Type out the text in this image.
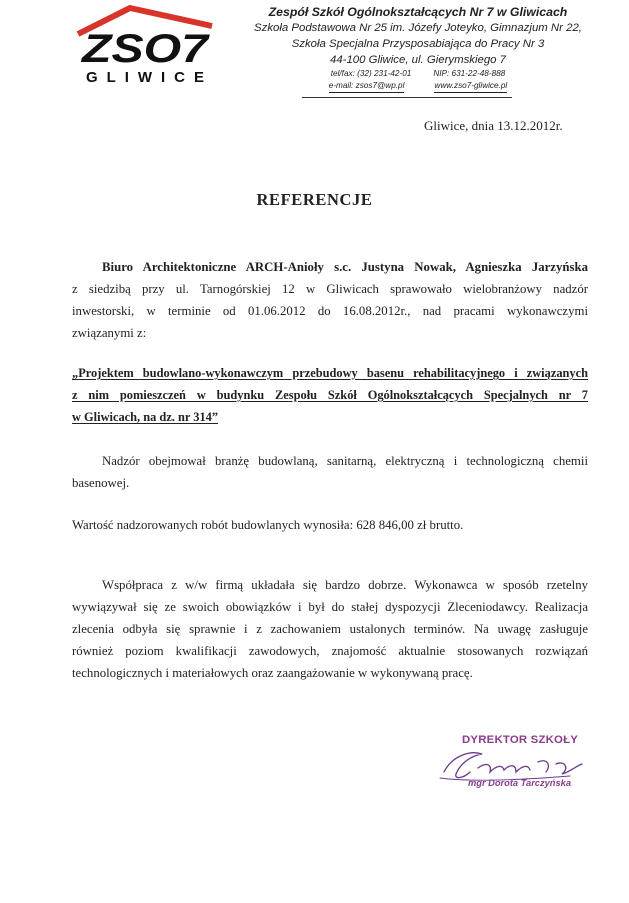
ZSO7
GLIWICE
Zespół Szkół Ogólnokształcących Nr 7 w Gliwicach
Szkoła Podstawowa Nr 25 im. Józefy Joteyko, Gimnazjum Nr 22,
Szkoła Specjalna Przysposabiająca do Pracy Nr 3
44-100 Gliwice, ul. Gierymskiego 7
tel/fax: (32) 231-42-01	NIP: 631-22-48-888
e-mail: zsos7@wp.pl	www.zso7-gliwice.pl
Gliwice, dnia 13.12.2012r.
REFERENCJE
Biuro Architektoniczne ARCH-Anioły s.c. Justyna Nowak, Agnieszka Jarzyńska
z siedzibą przy ul. Tarnogórskiej 12 w Gliwicach sprawowało wielobranżowy nadzór
inwestorski, w terminie od 01.06.2012 do 16.08.2012r., nad pracami wykonawczymi
związanymi z:
„Projektem budowlano-wykonawczym przebudowy basenu rehabilitacyjnego i związanych
z nim pomieszczeń w budynku Zespołu Szkół Ogólnokształcących Specjalnych nr 7
w Gliwicach, na dz. nr 314”
Nadzór obejmował branżę budowlaną, sanitarną, elektryczną i technologiczną chemii
basenowej.
Wartość nadzorowanych robót budowlanych wynosiła: 628 846,00 zł brutto.
Współpraca z w/w firmą układała się bardzo dobrze. Wykonawca w sposób rzetelny
wywiązywał się ze swoich obowiązków i był do stałej dyspozycji Zleceniodawcy. Realizacja
zlecenia odbyła się sprawnie i z zachowaniem ustalonych terminów. Na uwagę zasługuje
również poziom kwalifikacji zawodowych, znajomość aktualnie stosowanych rozwiązań
technologicznych i materiałowych oraz zaangażowanie w wykonywaną pracę.
DYREKTOR SZKOŁY
mgr Dorota Tarczyńska
